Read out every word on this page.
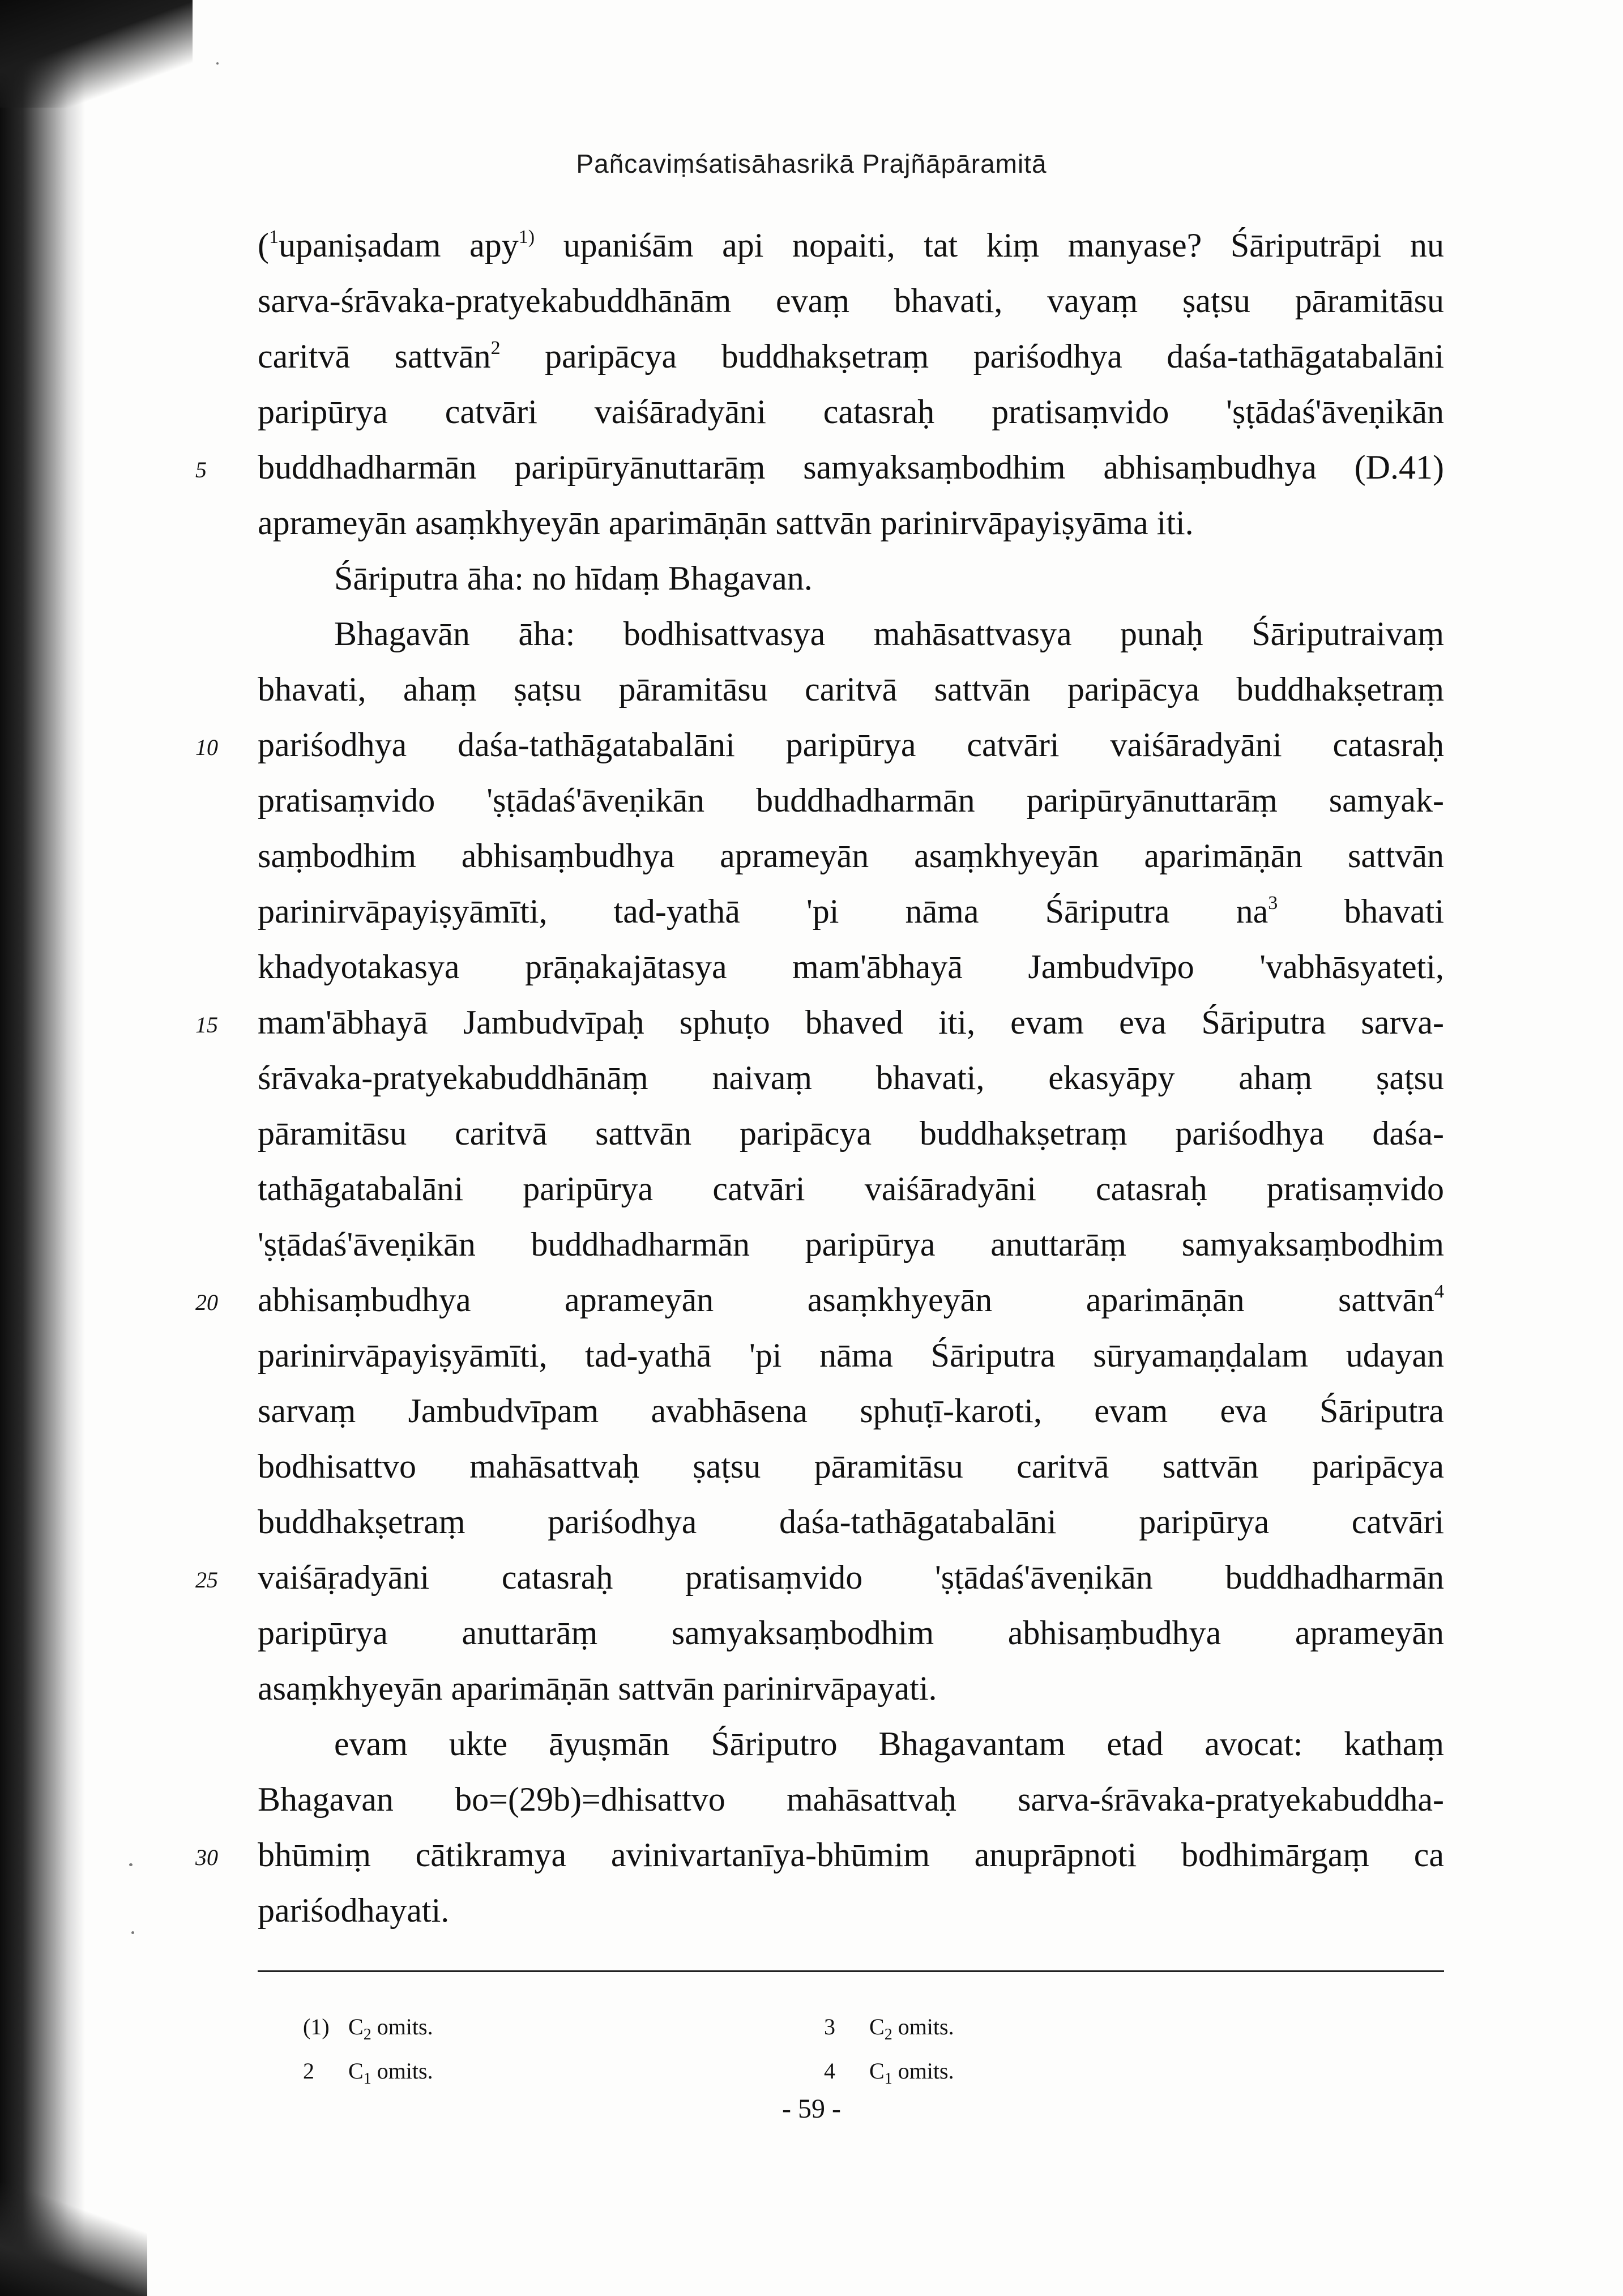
Pañcaviṃśatisāhasrikā Prajñāpāramitā
($^1$upaniṣadam apy$^{1)}$ upaniśām api nopaiti, tat kiṃ manyase? Śāriputrāpi nu
sarva-śrāvaka-pratyekabuddhānām evaṃ bhavati, vayaṃ ṣaṭsu pāramitāsu
caritvā sattvān$^2$ paripācya buddhakṣetraṃ pariśodhya daśa-tathāgatabalāni
paripūrya catvāri vaiśāradyāni catasraḥ pratisaṃvido 'ṣṭādaś'āveṇikān
5	buddhadharmān paripūryānuttarāṃ samyaksaṃbodhim abhisaṃbudhya (D.41)
aprameyān asaṃkhyeyān aparimāṇān sattvān parinirvāpayiṣyāma iti.
Śāriputra āha: no hīdaṃ Bhagavan.
Bhagavān āha: bodhisattvasya mahāsattvasya punaḥ Śāriputraivaṃ
bhavati, ahaṃ ṣaṭsu pāramitāsu caritvā sattvān paripācya buddhakṣetraṃ
10	pariśodhya daśa-tathāgatabalāni paripūrya catvāri vaiśāradyāni catasraḥ
pratisaṃvido 'ṣṭādaś'āveṇikān buddhadharmān paripūryānuttarāṃ samyak-
saṃbodhim abhisaṃbudhya aprameyān asaṃkhyeyān aparimāṇān sattvān
parinirvāpayiṣyāmīti, tad-yathā 'pi nāma Śāriputra $na^3$ bhavati
khadyotakasya prāṇakajātasya mam'ābhayā Jambudvīpo 'vabhāsyateti,
15	mam'ābhayā Jambudvīpaḥ sphuṭo bhaved iti, evam eva Śāriputra sarva-
śrāvaka-pratyekabuddhānāṃ naivaṃ bhavati, ekasyāpy ahaṃ ṣaṭsu
pāramitāsu caritvā sattvān paripācya buddhakṣetraṃ pariśodhya daśa-
tathāgatabalāni paripūrya catvāri vaiśāradyāni catasraḥ pratisaṃvido
'ṣṭādaś'āveṇikān buddhadharmān paripūrya anuttarāṃ samyaksaṃbodhim
20	abhisaṃbudhya aprameyān asaṃkhyeyān aparimāṇān sattvān$^4$
parinirvāpayiṣyāmīti, tad-yathā 'pi nāma Śāriputra sūryamaṇḍalam udayan
sarvaṃ Jambudvīpam avabhāsena sphuṭī-karoti, evam eva Śāriputra
bodhisattvo mahāsattvaḥ ṣaṭsu pāramitāsu caritvā sattvān paripācya
buddhakṣetraṃ pariśodhya daśa-tathāgatabalāni paripūrya catvāri
25	vaiśāṛadyāni catasraḥ pratisaṃvido 'ṣṭādaś'āveṇikān buddhadharmān
paripūrya anuttarāṃ samyaksaṃbodhim abhisaṃbudhya aprameyān
asaṃkhyeyān aparimāṇān sattvān parinirvāpayati.
evam ukte āyuṣmān Śāriputro Bhagavantam etad avocat: kathaṃ
Bhagavan bo=(29b)=dhisattvo mahāsattvaḥ sarva-śrāvaka-pratyekabuddha-
30	bhūmiṃ cātikramya avinivartanīya-bhūmim anuprāpnoti bodhimārgaṃ ca
pariśodhayati.
(1) $C_2$ omits.
2 $C_1$ omits.
3 $C_2$ omits.
4 $C_1$ omits.
- 59 -
